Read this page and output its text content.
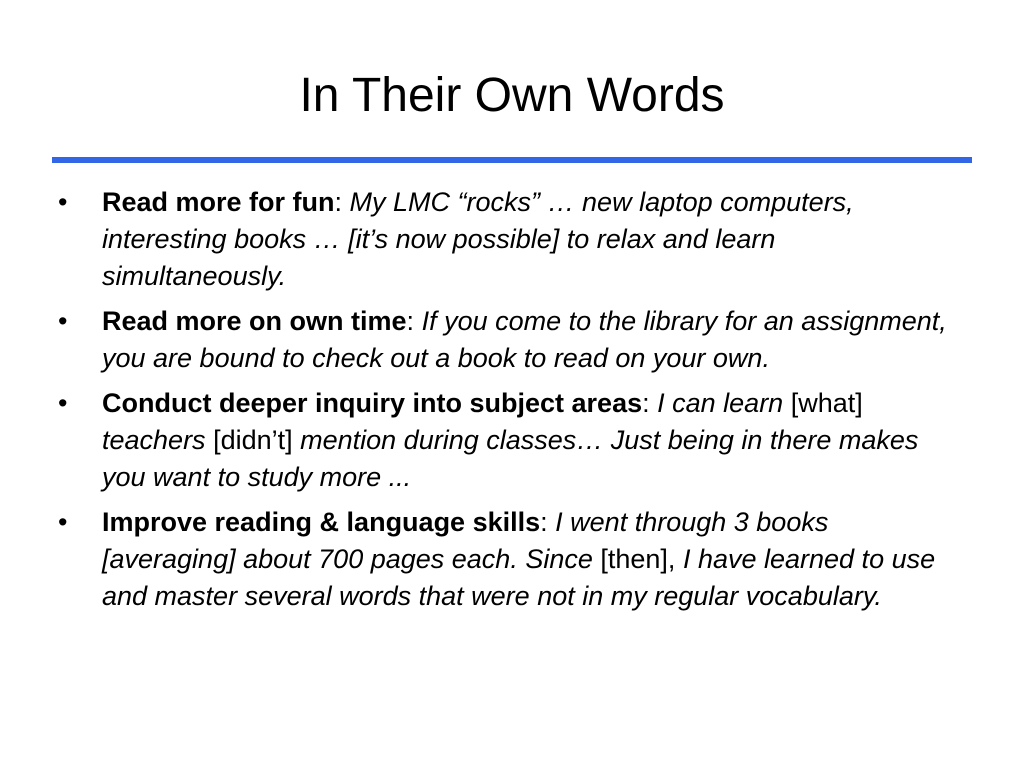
In Their Own Words
• Read more for fun: My LMC “rocks” … new laptop computers, interesting books … [it’s now possible] to relax and learn simultaneously.
• Read more on own time: If you come to the library for an assignment, you are bound to check out a book to read on your own.
• Conduct deeper inquiry into subject areas: I can learn [what] teachers [didn’t] mention during classes… Just being in there makes you want to study more ...
• Improve reading & language skills: I went through 3 books [averaging] about 700 pages each. Since [then], I have learned to use and master several words that were not in my regular vocabulary.
